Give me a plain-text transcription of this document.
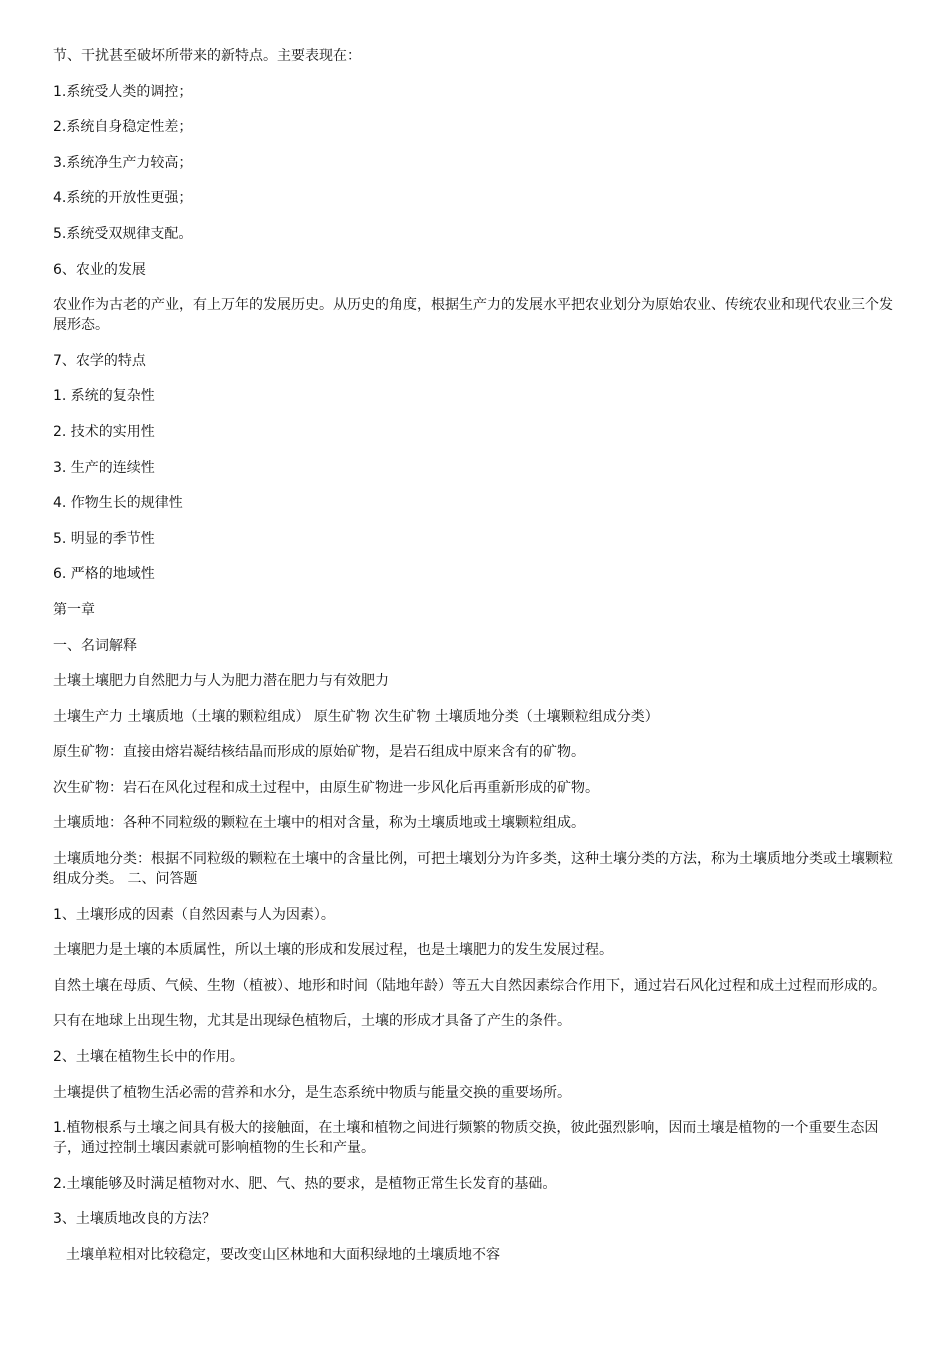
节、干扰甚至破坏所带来的新特点。主要表现在：

1.系统受人类的调控；

2.系统自身稳定性差；

3.系统净生产力较高；

4.系统的开放性更强；

5.系统受双规律支配。

6、农业的发展

农业作为古老的产业，有上万年的发展历史。从历史的角度，根据生产力的发展水平把农业划分为原始农业、传统农业和现代农业三个发展形态。

7、农学的特点

1. 系统的复杂性

2. 技术的实用性

3. 生产的连续性

4. 作物生长的规律性

5. 明显的季节性

6. 严格的地域性

第一章

一、名词解释

土壤土壤肥力自然肥力与人为肥力潜在肥力与有效肥力

土壤生产力 土壤质地（土壤的颗粒组成） 原生矿物 次生矿物 土壤质地分类（土壤颗粒组成分类）

原生矿物：直接由熔岩凝结核结晶而形成的原始矿物，是岩石组成中原来含有的矿物。

次生矿物：岩石在风化过程和成土过程中，由原生矿物进一步风化后再重新形成的矿物。

土壤质地：各种不同粒级的颗粒在土壤中的相对含量，称为土壤质地或土壤颗粒组成。

土壤质地分类：根据不同粒级的颗粒在土壤中的含量比例，可把土壤划分为许多类，这种土壤分类的方法，称为土壤质地分类或土壤颗粒组成分类。 二、问答题

1、土壤形成的因素（自然因素与人为因素）。

土壤肥力是土壤的本质属性，所以土壤的形成和发展过程，也是土壤肥力的发生发展过程。

自然土壤在母质、气候、生物（植被）、地形和时间（陆地年龄）等五大自然因素综合作用下，通过岩石风化过程和成土过程而形成的。

只有在地球上出现生物，尤其是出现绿色植物后，土壤的形成才具备了产生的条件。

2、土壤在植物生长中的作用。

土壤提供了植物生活必需的营养和水分，是生态系统中物质与能量交换的重要场所。

1.植物根系与土壤之间具有极大的接触面，在土壤和植物之间进行频繁的物质交换，彼此强烈影响，因而土壤是植物的一个重要生态因子，通过控制土壤因素就可影响植物的生长和产量。

2.土壤能够及时满足植物对水、肥、气、热的要求，是植物正常生长发育的基础。

3、土壤质地改良的方法？

土壤单粒相对比较稳定，要改变山区林地和大面积绿地的土壤质地不容
